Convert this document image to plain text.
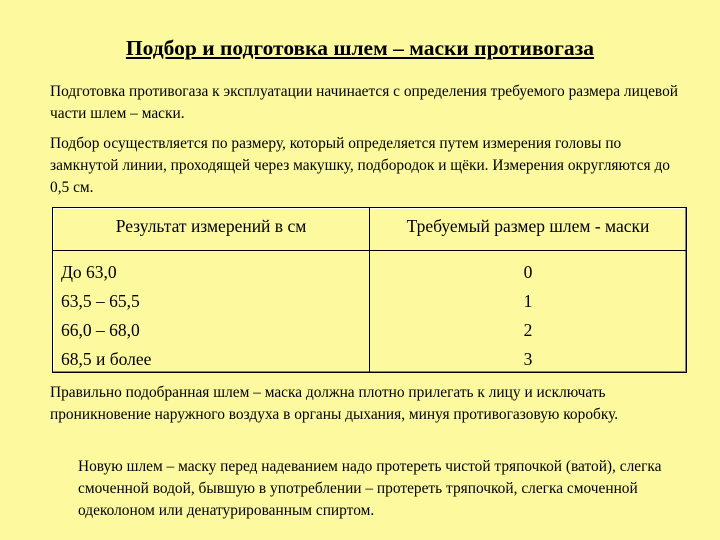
Подбор и подготовка шлем – маски противогаза

Подготовка противогаза к эксплуатации начинается с определения требуемого размера лицевой части шлем – маски.

Подбор осуществляется по размеру, который определяется путем измерения головы по замкнутой линии, проходящей через макушку, подбородок и щёки. Измерения округляются до 0,5 см.

Результат измерений в см	Требуемый размер шлем - маски
До 63,0
63,5 – 65,5
66,0 – 68,0
68,5 и более
0
1
2
3

Правильно подобранная шлем – маска должна плотно прилегать к лицу и исключать проникновение наружного воздуха в органы дыхания, минуя противогазовую коробку.

Новую шлем – маску перед надеванием надо протереть чистой тряпочкой (ватой), слегка смоченной водой, бывшую в употреблении – протереть тряпочкой, слегка смоченной одеколоном или денатурированным спиртом.
